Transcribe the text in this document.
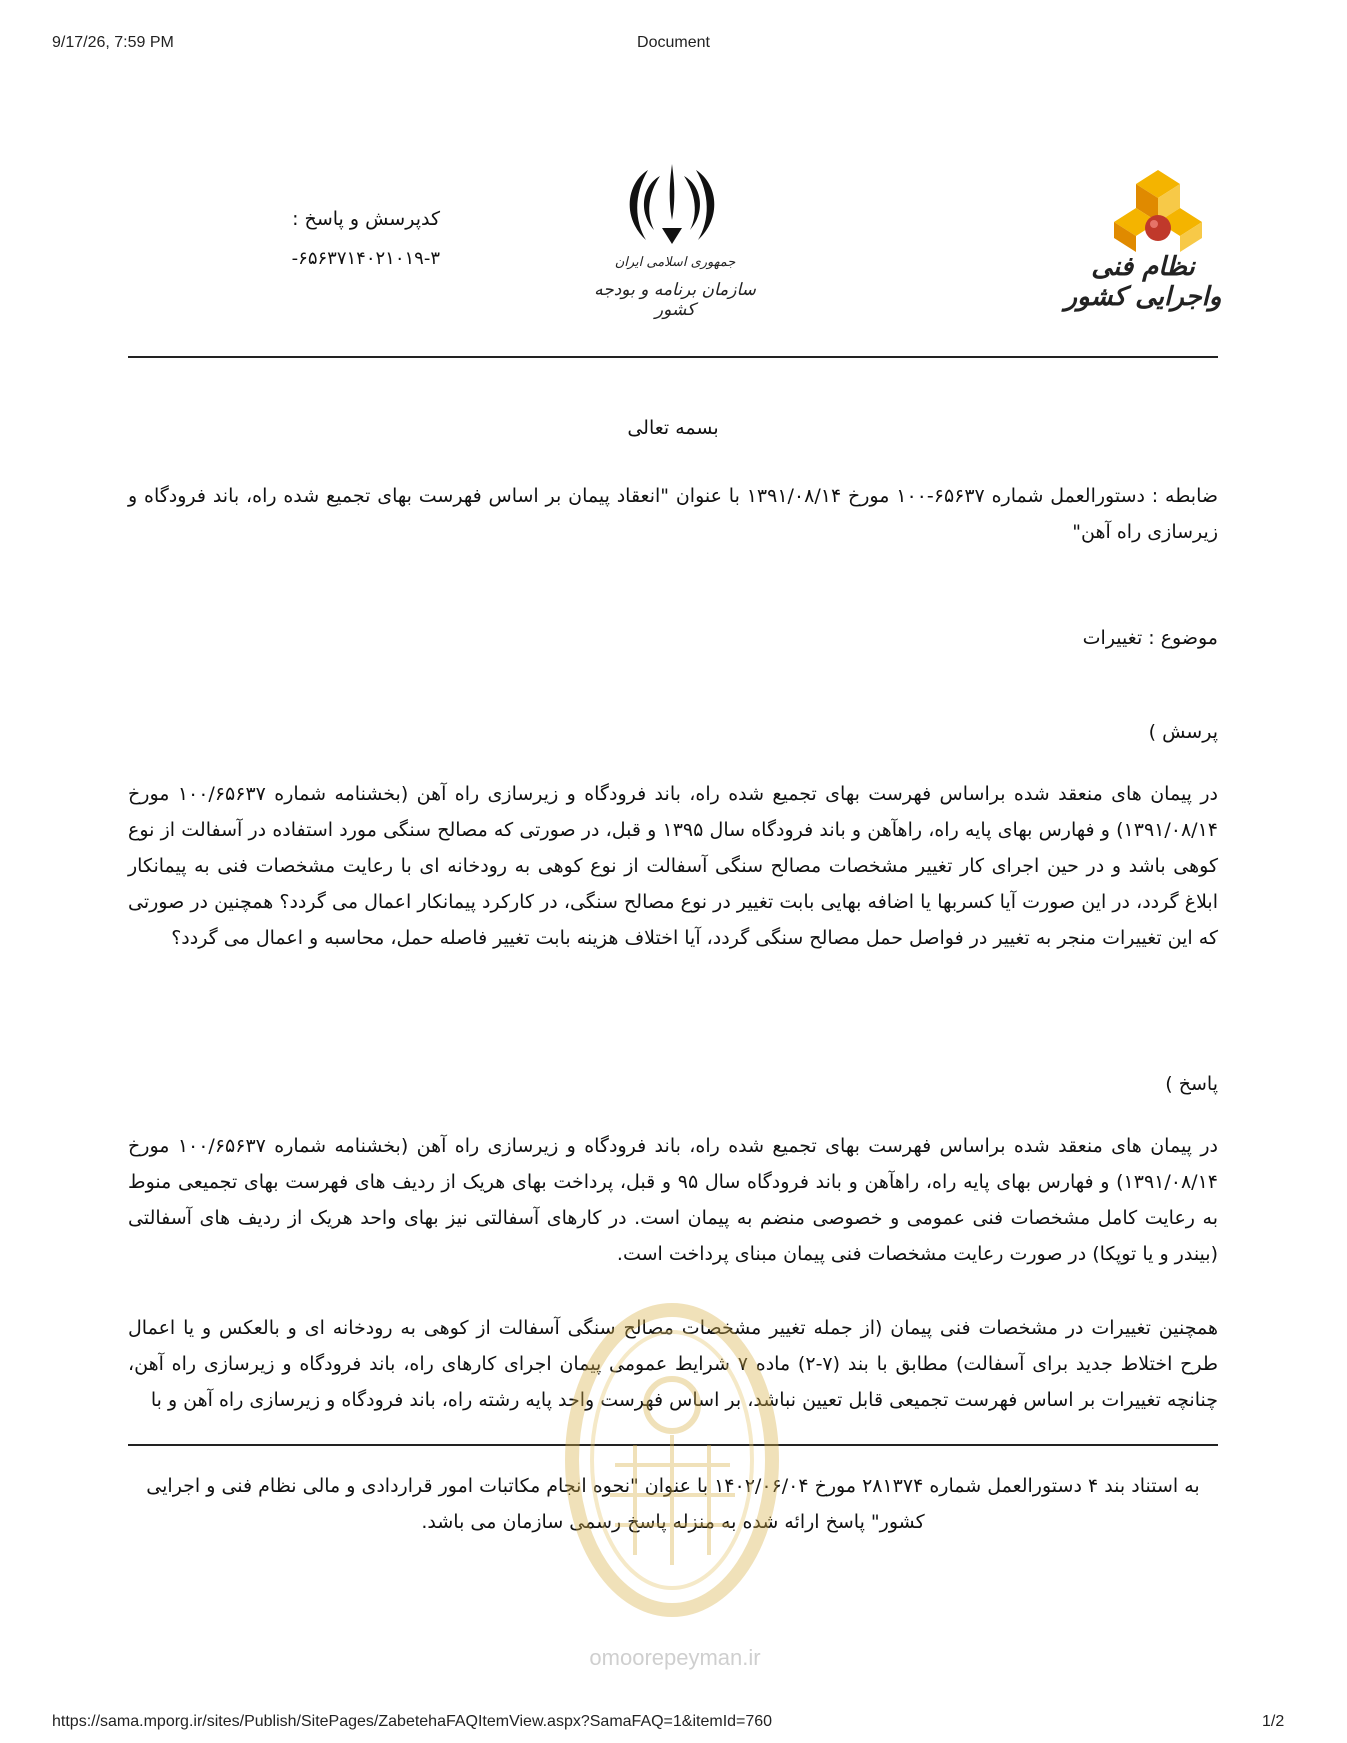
9/17/26, 7:59 PM	Document
https://sama.mporg.ir/sites/Publish/SitePages/ZabetehaFAQItemView.aspx?SamaFAQ=1&itemId=760	1/2
نظام فنی واجرایی کشور
جمهوری اسلامی ایران
سازمان برنامه و بودجه کشور
کدپرسش و پاسخ :
-۶۵۶۳۷۱۴۰۲۱۰۱۹-۳
بسمه تعالی
ضابطه : دستورالعمل شماره ۶۵۶۳۷-۱۰۰ مورخ ۱۳۹۱/۰۸/۱۴ با عنوان "انعقاد پیمان بر اساس فهرست بهای تجمیع شده راه، باند فرودگاه و زیرسازی راه آهن"
موضوع : تغییرات
پرسش )
در پیمان های منعقد شده براساس فهرست بهای تجمیع شده راه، باند فرودگاه و زیرسازی راه آهن (بخشنامه شماره ۱۰۰/۶۵۶۳۷ مورخ ۱۳۹۱/۰۸/۱۴) و فهارس بهای پایه راه، راهآهن و باند فرودگاه سال ۱۳۹۵ و قبل، در صورتی که مصالح سنگی مورد استفاده در آسفالت از نوع کوهی باشد و در حین اجرای کار تغییر مشخصات مصالح سنگی آسفالت از نوع کوهی به رودخانه ای با رعایت مشخصات فنی به پیمانکار ابلاغ گردد، در این صورت آیا کسربها یا اضافه بهایی بابت تغییر در نوع مصالح سنگی، در کارکرد پیمانکار اعمال می گردد؟ همچنین در صورتی که این تغییرات منجر به تغییر در فواصل حمل مصالح سنگی گردد، آیا اختلاف هزینه بابت تغییر فاصله حمل، محاسبه و اعمال می گردد؟
پاسخ )
در پیمان های منعقد شده براساس فهرست بهای تجمیع شده راه، باند فرودگاه و زیرسازی راه آهن (بخشنامه شماره ۱۰۰/۶۵۶۳۷ مورخ ۱۳۹۱/۰۸/۱۴) و فهارس بهای پایه راه، راهآهن و باند فرودگاه سال ۹۵ و قبل، پرداخت بهای هریک از ردیف های فهرست بهای تجمیعی منوط به رعایت کامل مشخصات فنی عمومی و خصوصی منضم به پیمان است. در کارهای آسفالتی نیز بهای واحد هریک از ردیف های آسفالتی (بیندر و یا توپکا) در صورت رعایت مشخصات فنی پیمان مبنای پرداخت است.
همچنین تغییرات در مشخصات فنی پیمان (از جمله تغییر مشخصات مصالح سنگی آسفالت از کوهی به رودخانه ای و بالعکس و یا اعمال طرح اختلاط جدید برای آسفالت) مطابق با بند (۷-۲) ماده ۷ شرایط عمومی پیمان اجرای کارهای راه، باند فرودگاه و زیرسازی راه آهن، چنانچه تغییرات بر اساس فهرست تجمیعی قابل تعیین نباشد، بر اساس فهرست واحد پایه رشته راه، باند فرودگاه و زیرسازی راه آهن و با
به استناد بند ۴ دستورالعمل شماره ۲۸۱۳۷۴ مورخ ۱۴۰۲/۰۶/۰۴ با عنوان "نحوه انجام مکاتبات امور قراردادی و مالی نظام فنی و اجرایی کشور" پاسخ ارائه شده به منزله پاسخ رسمی سازمان می باشد.
omoorepeyman.ir
